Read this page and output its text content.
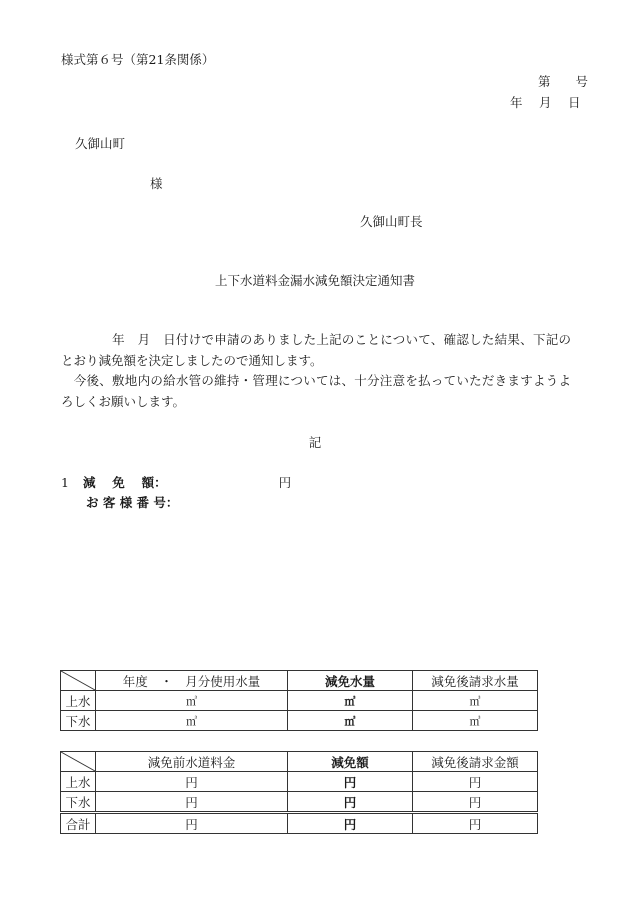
様式第６号（第21条関係）
第　　号
年　 月　 日
久御山町
様
久御山町長
上下水道料金漏水減免額決定通知書

　　　　年　月　日付けで申請のありました上記のことについて、確認した結果、下記のとおり減免額を決定しましたので通知します。

　今後、敷地内の給水管の維持・管理については、十分注意を払っていただきますようよろしくお願いします。

記
1 減　 免 　額：	円
お 客 様 番 号：
	年度　・　月分使用水量	減免水量	減免後請求水量
上水	㎥	㎥	㎥
下水	㎥	㎥	㎥
	減免前水道料金	減免額	減免後請求金額
上水	円	円	円
下水	円	円	円
合計	円	円	円
